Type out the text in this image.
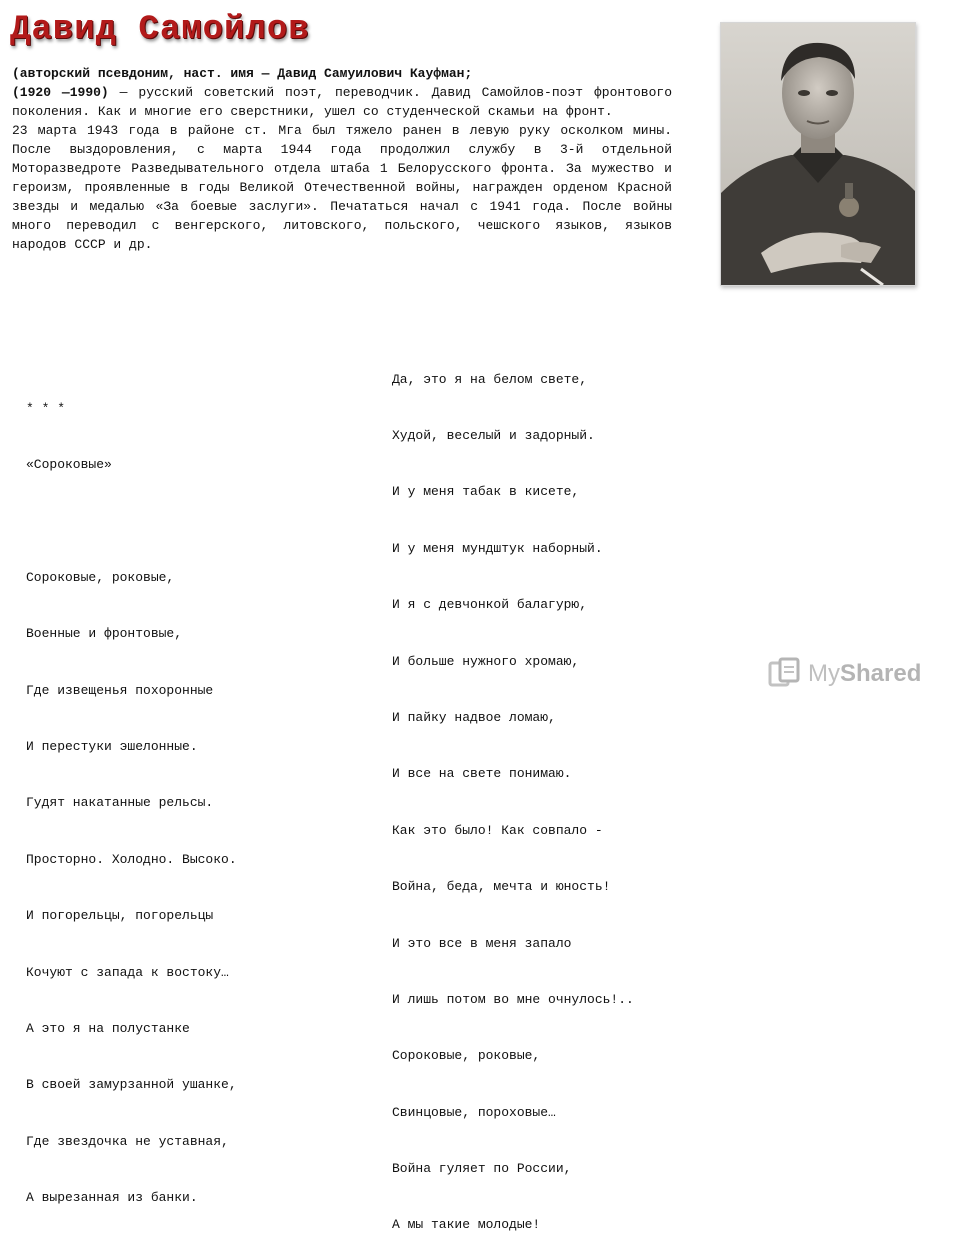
Давид Самойлов

(авторский псевдоним, наст. имя — Давид Самуилович Кауфман;
(1920 —1990) — русский советский поэт, переводчик. Давид Самойлов-поэт фронтового поколения. Как и многие его сверстники, ушел со студенческой скамьи на фронт.

23 марта 1943 года в районе ст. Мга был тяжело ранен в левую руку осколком мины. После выздоровления, с марта 1944 года продолжил службу в 3-й отдельной Моторазведроте Разведывательного отдела штаба 1 Белорусского фронта. За мужество и героизм, проявленные в годы Великой Отечественной войны, награжден орденом Красной звезды и медалью «За боевые заслуги». Печататься начал с 1941 года. После войны много переводил с венгерского, литовского, польского, чешского языков, языков народов СССР и др.

* * *

«Сороковые»

Сороковые, роковые,

Военные и фронтовые,

Где извещенья похоронные

И перестуки эшелонные.

Гудят накатанные рельсы.

Просторно. Холодно. Высоко.

И погорельцы, погорельцы

Кочуют с запада к востоку…

А это я на полустанке

В своей замурзанной ушанке,

Где звездочка не уставная,

А вырезанная из банки.

Да, это я на белом свете,

Худой, веселый и задорный.

И у меня табак в кисете,

И у меня мундштук наборный.

И я с девчонкой балагурю,

И больше нужного хромаю,

И пайку надвое ломаю,

И все на свете понимаю.

Как это было! Как совпало -

Война, беда, мечта и юность!

И это все в меня запало

И лишь потом во мне очнулось!..

Сороковые, роковые,

Свинцовые, пороховые…

Война гуляет по России,

А мы такие молодые!

MyShared
